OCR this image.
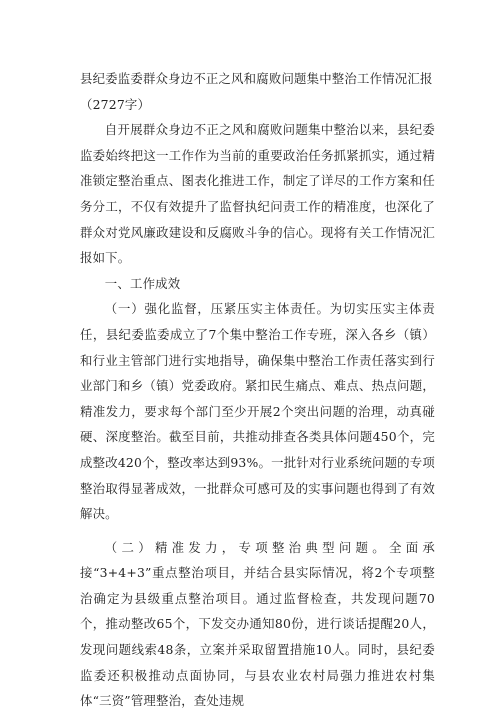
县纪委监委群众身边不正之风和腐败问题集中整治工作情况汇报（2727字）

自开展群众身边不正之风和腐败问题集中整治以来，县纪委监委始终把这一工作作为当前的重要政治任务抓紧抓实，通过精准锁定整治重点、图表化推进工作，制定了详尽的工作方案和任务分工，不仅有效提升了监督执纪问责工作的精准度，也深化了群众对党风廉政建设和反腐败斗争的信心。现将有关工作情况汇报如下。

一、工作成效

（一）强化监督，压紧压实主体责任。为切实压实主体责任，县纪委监委成立了7个集中整治工作专班，深入各乡（镇）和行业主管部门进行实地指导，确保集中整治工作责任落实到行业部门和乡（镇）党委政府。紧扣民生痛点、难点、热点问题，精准发力，要求每个部门至少开展2个突出问题的治理，动真碰硬、深度整治。截至目前，共推动排查各类具体问题450个，完成整改420个，整改率达到93%。一批针对行业系统问题的专项整治取得显著成效，一批群众可感可及的实事问题也得到了有效解决。

（二）精准发力，专项整治典型问题。全面承接“3+4+3”重点整治项目，并结合县实际情况，将2个专项整治确定为县级重点整治项目。通过监督检查，共发现问题70个，推动整改65个，下发交办通知80份，进行谈话提醒20人，发现问题线索48条，立案并采取留置措施10人。同时，县纪委监委还积极推动点面协同，与县农业农村局强力推进农村集体“三资”管理整治，查处违规
